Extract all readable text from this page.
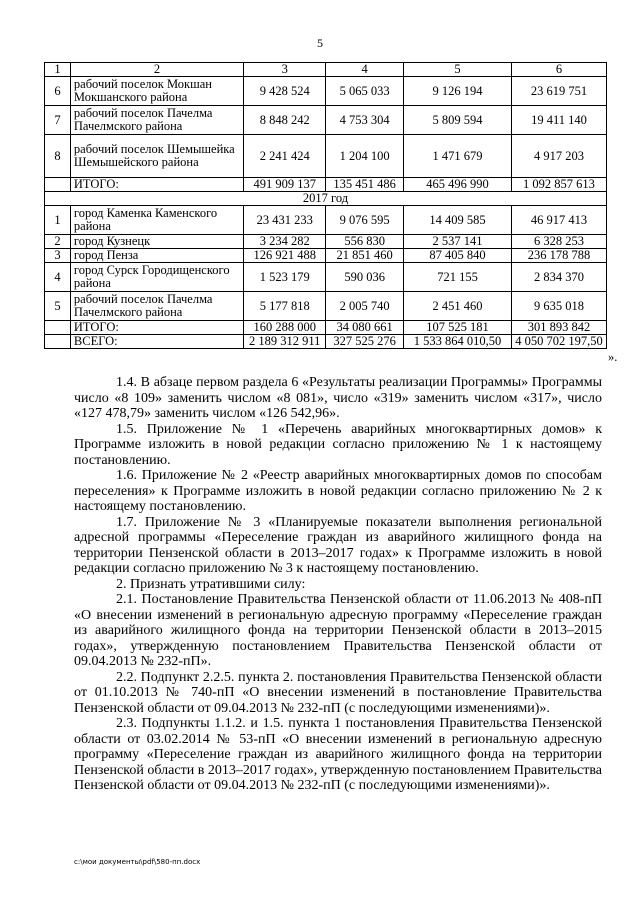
5
1	2	3	4	5	6
6	рабочий поселок Мокшан Мокшанского района	9 428 524	5 065 033	9 126 194	23 619 751
7	рабочий поселок Пачелма Пачелмского района	8 848 242	4 753 304	5 809 594	19 411 140
8	рабочий поселок Шемышейка Шемышейского района	2 241 424	1 204 100	1 471 679	4 917 203
	ИТОГО:	491 909 137	135 451 486	465 496 990	1 092 857 613
2017 год					
1	город Каменка Каменского района	23 431 233	9 076 595	14 409 585	46 917 413
2	город Кузнецк	3 234 282	556 830	2 537 141	6 328 253
3	город Пенза	126 921 488	21 851 460	87 405 840	236 178 788
4	город Сурск Городищенского района	1 523 179	590 036	721 155	2 834 370
5	рабочий поселок Пачелма Пачелмского района	5 177 818	2 005 740	2 451 460	9 635 018
	ИТОГО:	160 288 000	34 080 661	107 525 181	301 893 842
	ВСЕГО:	2 189 312 911	327 525 276	1 533 864 010,50	4 050 702 197,50
».

1.4. В абзаце первом раздела 6 «Результаты реализации Программы» Программы число «8 109» заменить числом «8 081», число «319» заменить числом «317», число «127 478,79» заменить числом «126 542,96».

1.5. Приложение № 1 «Перечень аварийных многоквартирных домов» к Программе изложить в новой редакции согласно приложению № 1 к настоящему постановлению.

1.6. Приложение № 2 «Реестр аварийных многоквартирных домов по способам переселения» к Программе изложить в новой редакции согласно приложению № 2 к настоящему постановлению.

1.7. Приложение № 3 «Планируемые показатели выполнения региональной адресной программы «Переселение граждан из аварийного жилищного фонда на территории Пензенской области в 2013–2017 годах» к Программе изложить в новой редакции согласно приложению № 3 к настоящему постановлению.

2. Признать утратившими силу:

2.1. Постановление Правительства Пензенской области от 11.06.2013 № 408-пП «О внесении изменений в региональную адресную программу «Переселение граждан из аварийного жилищного фонда на территории Пензенской области в 2013–2015 годах», утвержденную постановлением Правительства Пензенской области от 09.04.2013 № 232-пП».

2.2. Подпункт 2.2.5. пункта 2. постановления Правительства Пензенской области от 01.10.2013 № 740-пП «О внесении изменений в постановление Правительства Пензенской области от 09.04.2013 № 232-пП (с последующими изменениями)».

2.3. Подпункты 1.1.2. и 1.5. пункта 1 постановления Правительства Пензенской области от 03.02.2014 № 53-пП «О внесении изменений в региональную адресную программу «Переселение граждан из аварийного жилищного фонда на территории Пензенской области в 2013–2017 годах», утвержденную постановлением Правительства Пензенской области от 09.04.2013 № 232-пП (с последующими изменениями)».

c:\мои документы\pdf\580-пп.docx
